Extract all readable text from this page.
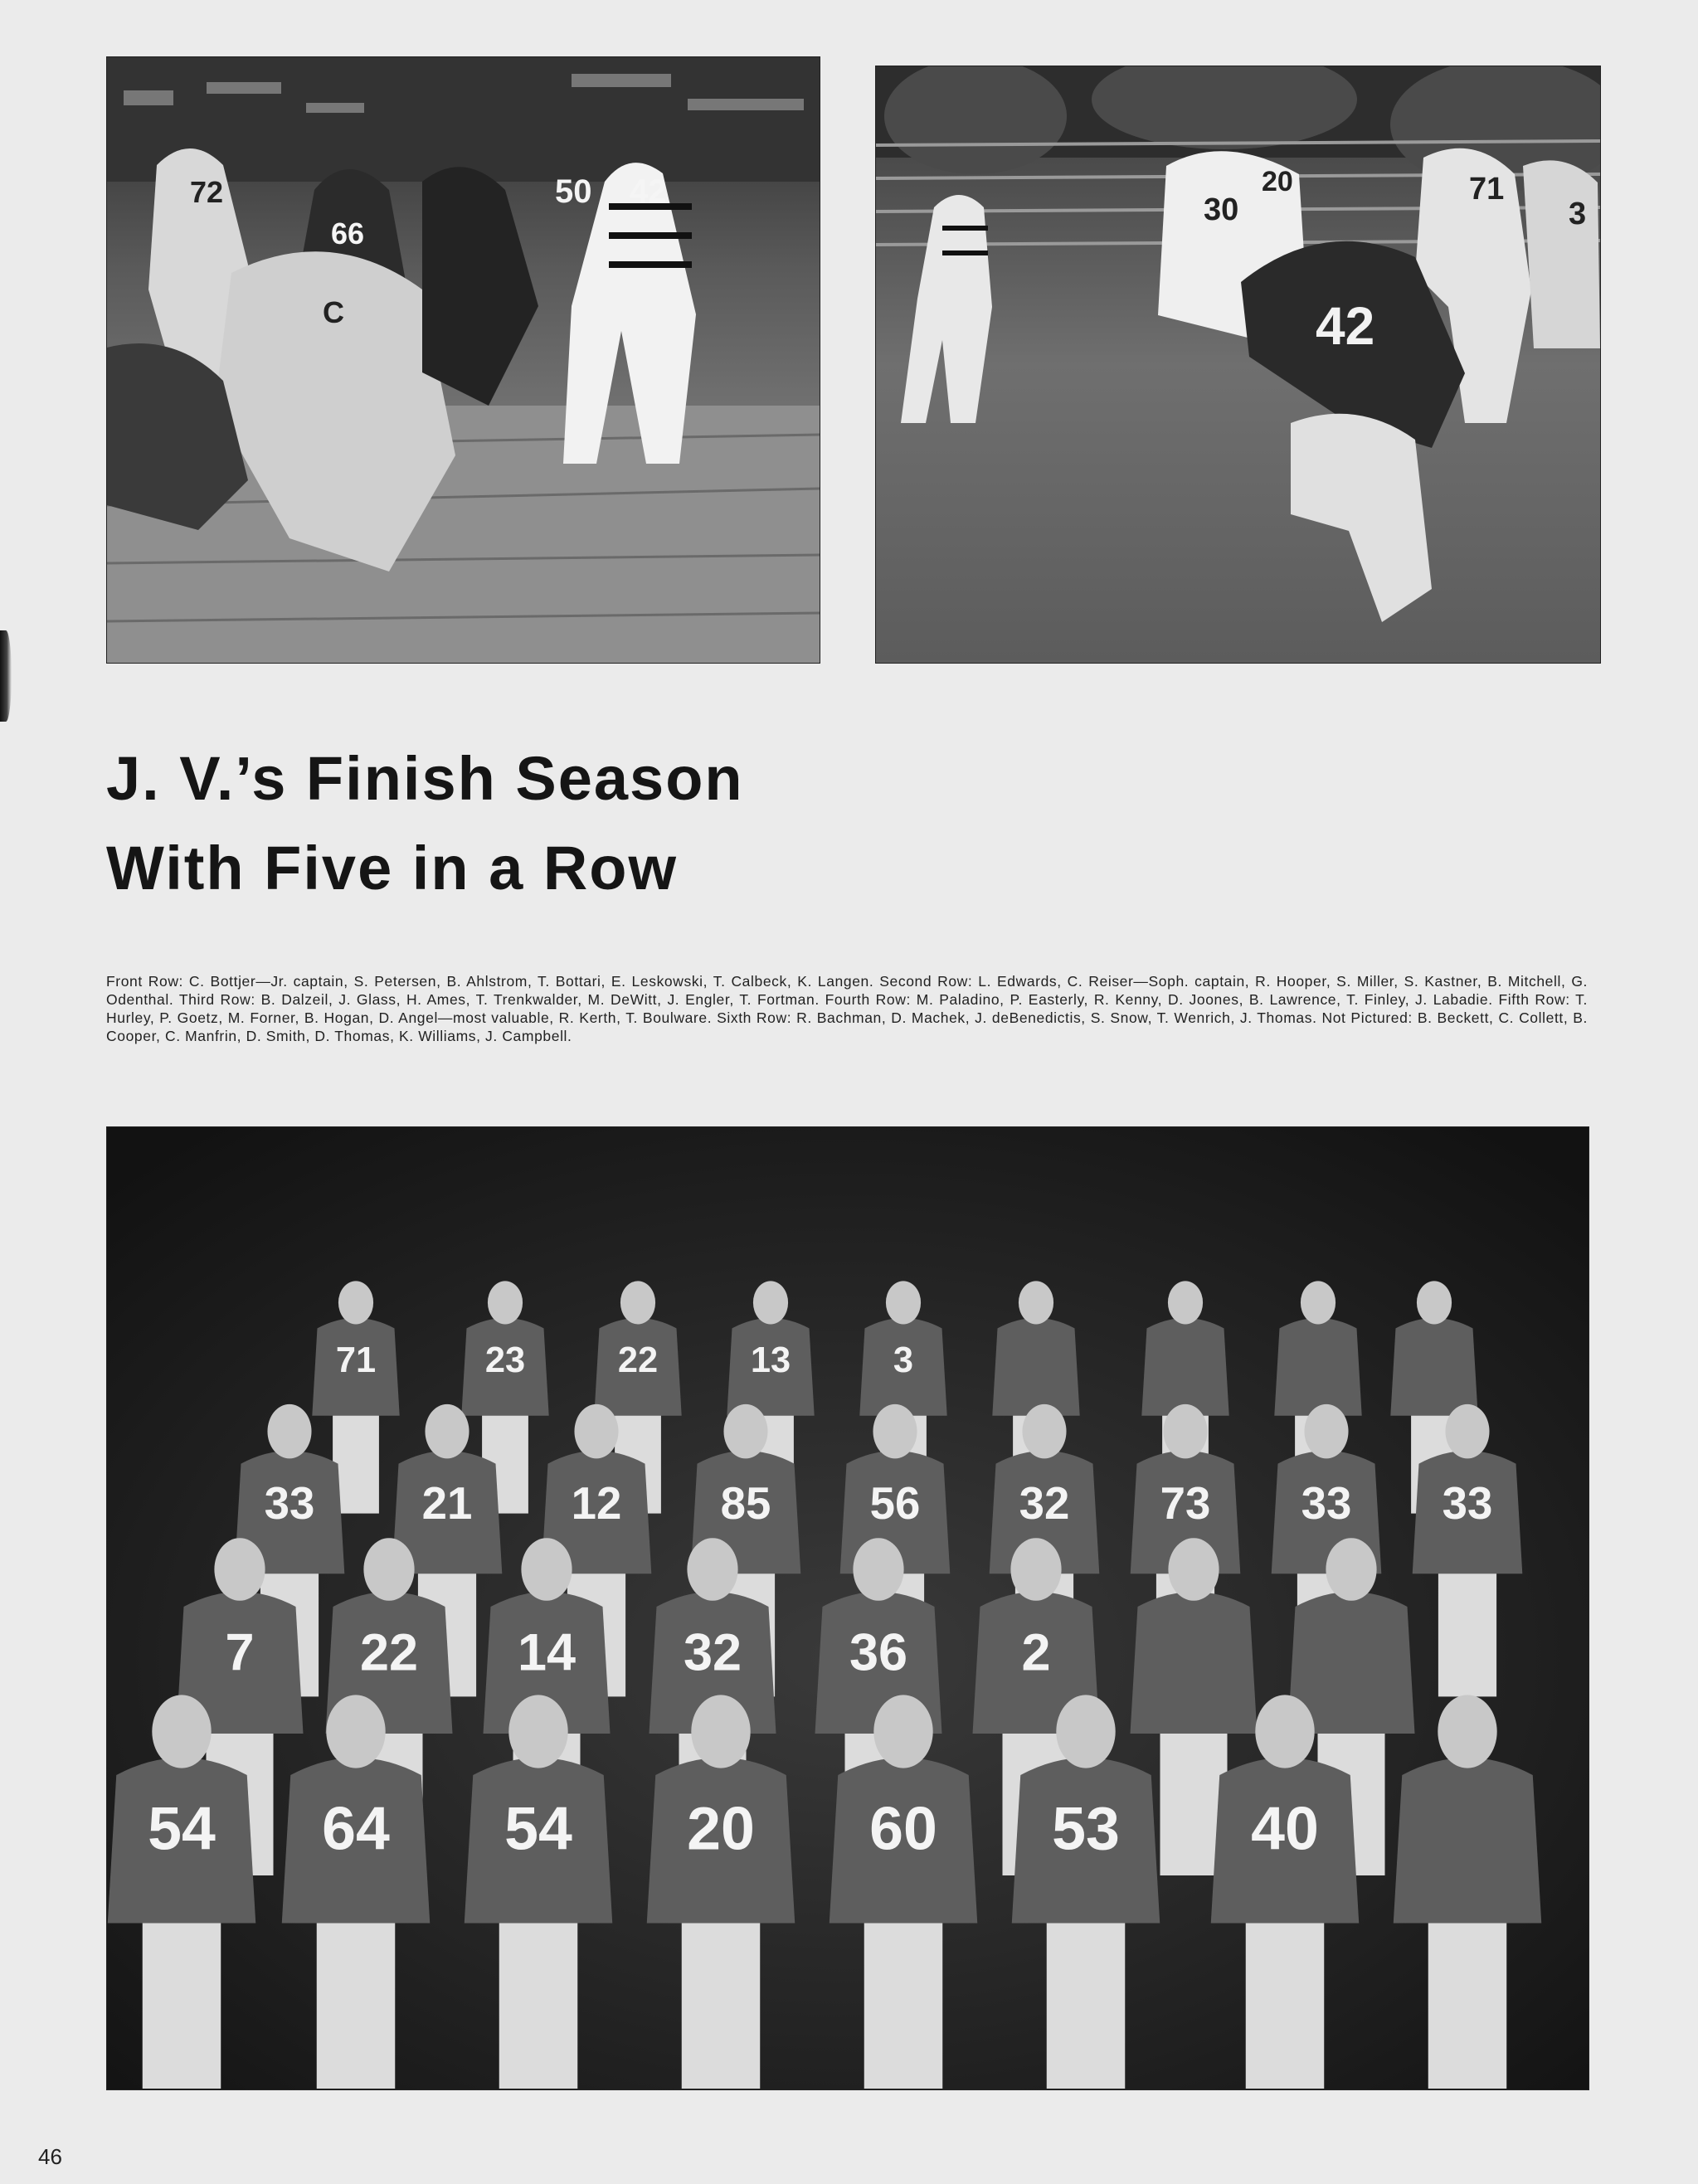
72
66
50 42
C
30
20	71
3
42
J. V.’s Finish Season
With Five in a Row

Front Row: C. Bottjer—Jr. captain, S. Petersen, B. Ahlstrom, T. Bottari, E. Leskowski, T. Calbeck, K. Langen. Second Row: L. Edwards, C. Reiser—Soph. captain, R. Hooper, S. Miller, S. Kastner, B. Mitchell, G. Odenthal. Third Row: B. Dalzeil, J. Glass, H. Ames, T. Trenkwalder, M. DeWitt, J. Engler, T. Fortman. Fourth Row: M. Paladino, P. Easterly, R. Kenny, D. Joones, B. Lawrence, T. Finley, J. Labadie. Fifth Row: T. Hurley, P. Goetz, M. Forner, B. Hogan, D. Angel—most valuable, R. Kerth, T. Boulware. Sixth Row: R. Bachman, D. Machek, J. deBenedictis, S. Snow, T. Wenrich, J. Thomas. Not Pictured: B. Beckett, C. Collett, B. Cooper, C. Manfrin, D. Smith, D. Thomas, K. Williams, J. Campbell.

71	23	22	13	3
33 21 12 85 56 32 73 33 33
7 22 14 32 36 2
54 64 54 20 60 53 40
46
